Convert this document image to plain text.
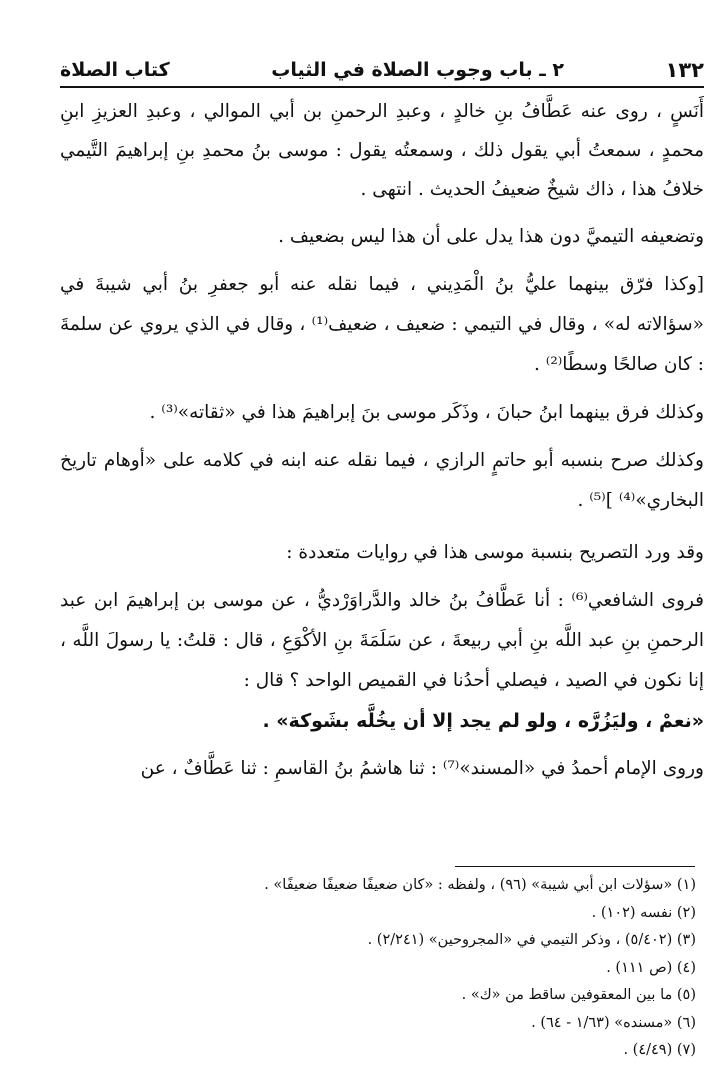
١٣٢
٢ ـ باب وجوب الصلاة في الثياب
كتاب الصلاة

أَنَسٍ ، روى عنه عَطَّافُ بنِ خالدٍ ، وعبدِ الرحمنِ بن أبي الموالي ، وعبدِ العزيزِ ابنِ محمدٍ ، سمعتُ أبي يقول ذلك ، وسمعتُه يقول : موسى بنُ محمدِ بنِ إبراهيمَ التَّيمي خلافُ هذا ، ذاك شيخٌ ضعيفُ الحديث . انتهى .

وتضعيفه التيميَّ دون هذا يدل على أن هذا ليس بضعيف .

[وكذا فرّق بينهما عليُّ بنُ الْمَدِيني ، فيما نقله عنه أبو جعفرِ بنُ أبي شيبةَ في «سؤالاته له» ، وقال في التيمي : ضعيف ، ضعيف⁽¹⁾ ، وقال في الذي يروي عن سلمةَ : كان صالحًا وسطًا⁽²⁾ .

وكذلك فرق بينهما ابنُ حبانَ ، وذَكَر موسى بنَ إبراهيمَ هذا في «ثقاته»⁽³⁾ .

وكذلك صرح بنسبه أبو حاتمٍ الرازي ، فيما نقله عنه ابنه في كلامه على «أوهام تاريخ البخاري»⁽⁴⁾ ]⁽⁵⁾ .

وقد ورد التصريح بنسبة موسى هذا في روايات متعددة :

فروى الشافعي⁽⁶⁾ : أنا عَطَّافُ بنُ خالد والدَّراوَرْديُّ ، عن موسى بن إبراهيمَ ابن عبد الرحمنِ بنِ عبد اللَّه بنِ أبي ربيعةَ ، عن سَلَمَةَ بنِ الأكْوَعِ ، قال : قلتُ: يا رسولَ اللَّه ، إنا نكون في الصيد ، فيصلي أحدُنا في القميص الواحد ؟ قال :

«نعمْ ، وليَزُرَّه ، ولو لم يجد إلا أن يخُلَّه بشَوكة» .

وروى الإمام أحمدُ في «المسند»⁽⁷⁾ : ثنا هاشمُ بنُ القاسمِ : ثنا عَطَّافٌ ، عن

(١) «سؤلات ابن أبي شيبة» (٩٦) ، ولفظه : «كان ضعيفًا ضعيفًا ضعيفًا» .

(٢) نفسه (١٠٢) .

(٣) (٥/٤٠٢) ، وذكر التيمي في «المجروحين» (٢/٢٤١) .

(٤) (ص ١١١) .

(٥) ما بين المعقوفين ساقط من «ك» .

(٦) «مسنده» (١/٦٣ - ٦٤) .

(٧) (٤/٤٩) .
